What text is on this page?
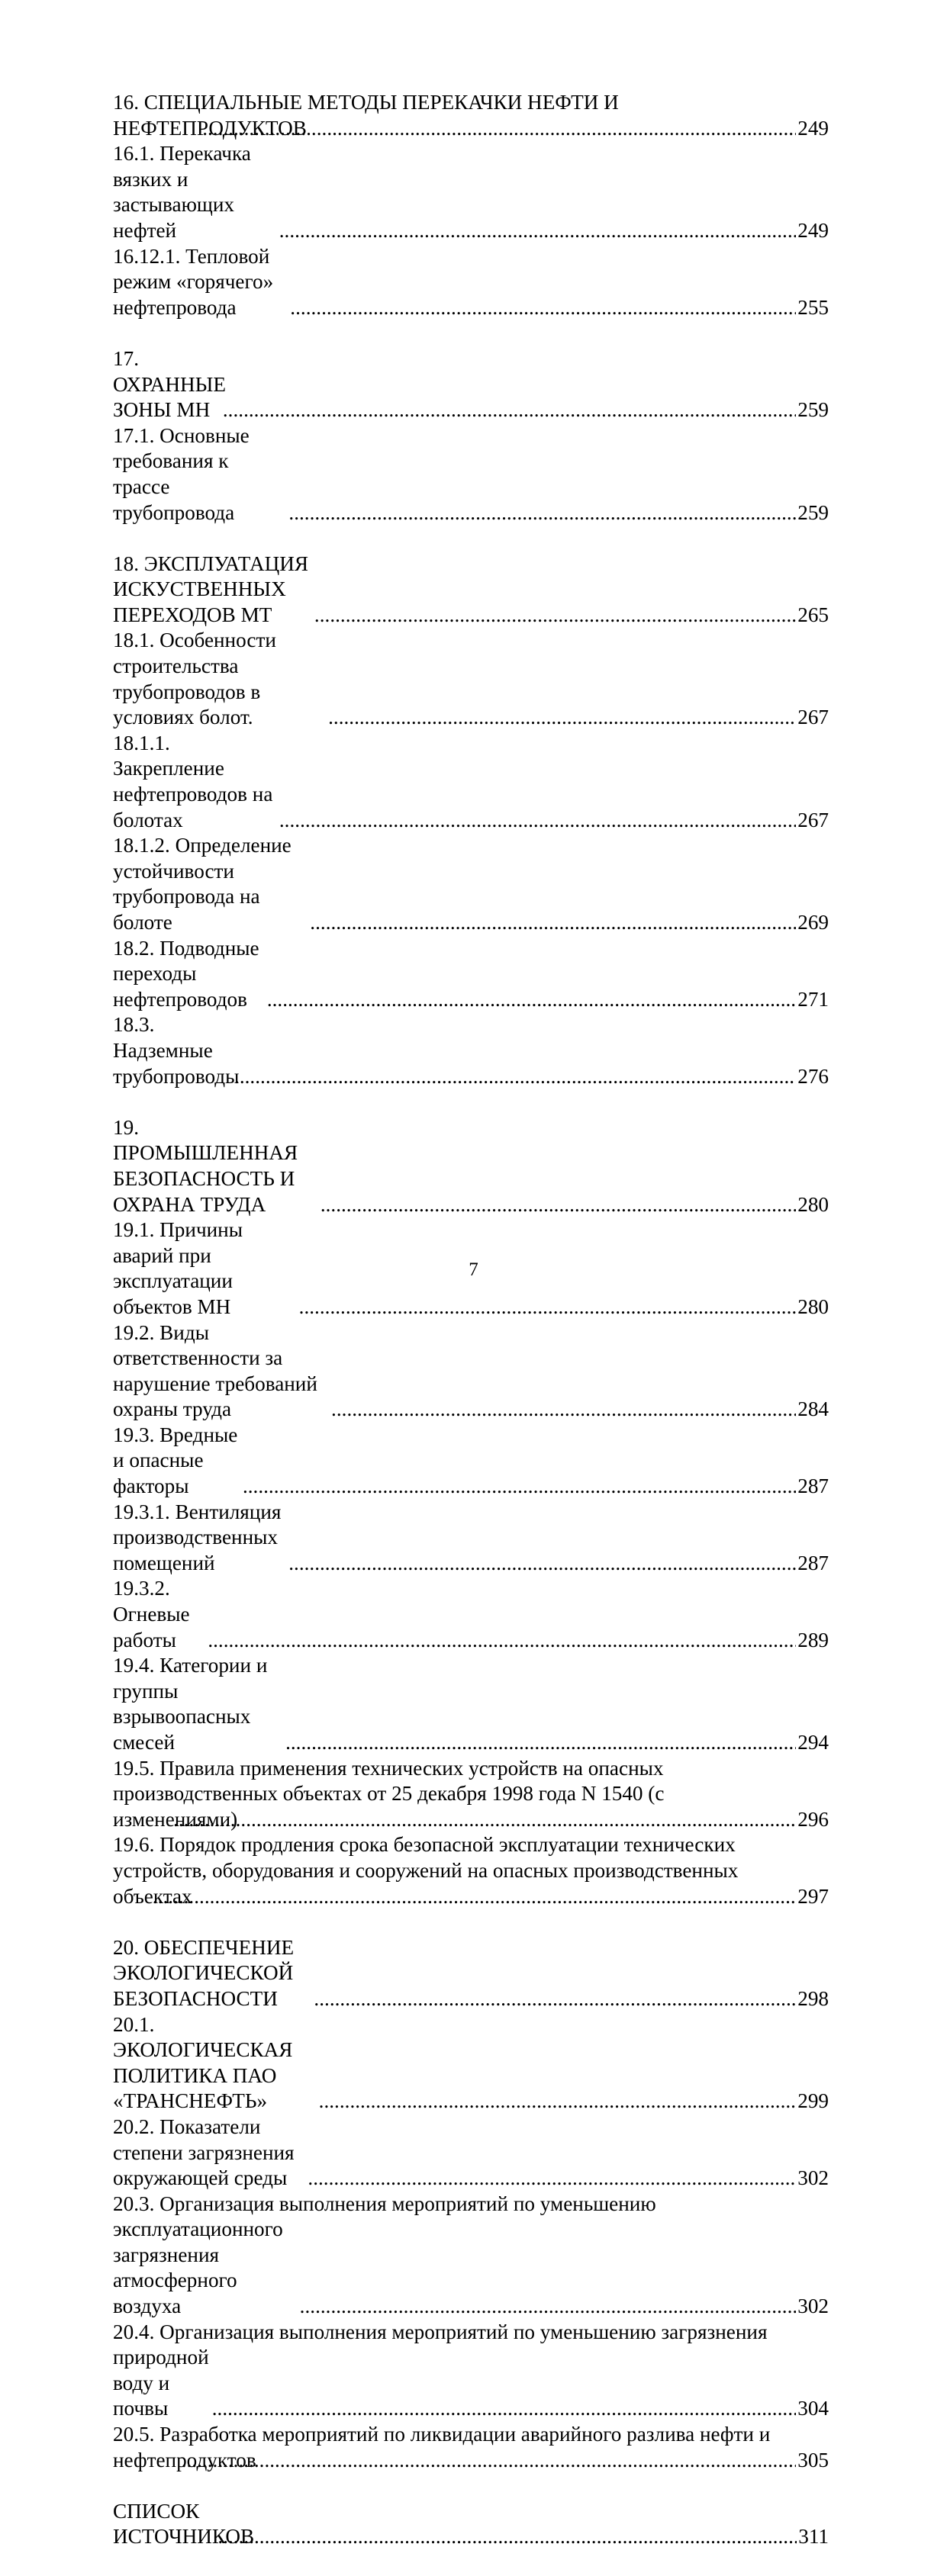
16. СПЕЦИАЛЬНЫЕ МЕТОДЫ ПЕРЕКАЧКИ НЕФТИ И
НЕФТЕПРОДУКТОВ .....	249
16.1. Перекачка вязких и застывающих нефтей .....	249
16.12.1. Тепловой режим «горячего» нефтепровода .....	255
17. ОХРАННЫЕ ЗОНЫ МН .....	259
17.1. Основные требования к трассе трубопровода .....	259
18. ЭКСПЛУАТАЦИЯ ИСКУСТВЕННЫХ ПЕРЕХОДОВ МТ .....	265
18.1. Особенности строительства трубопроводов в условиях болот. .....	267
18.1.1. Закрепление нефтепроводов на болотах .....	267
18.1.2. Определение устойчивости трубопровода на болоте .....	269
18.2. Подводные переходы нефтепроводов .....	271
18.3. Надземные трубопроводы .....	276
19. ПРОМЫШЛЕННАЯ БЕЗОПАСНОСТЬ И ОХРАНА ТРУДА .....	280
19.1. Причины аварий при эксплуатации объектов МН .....	280
19.2. Виды ответственности за нарушение требований охраны труда .....	284
19.3. Вредные и опасные факторы .....	287
19.3.1. Вентиляция производственных помещений .....	287
19.3.2. Огневые работы .....	289
19.4. Категории и группы взрывоопасных смесей .....	294
19.5. Правила применения технических устройств на опасных
производственных объектах от 25 декабря 1998 года N 1540 (с
изменениями) .....	296
19.6. Порядок продления срока безопасной эксплуатации технических
устройств, оборудования и сооружений на опасных производственных
объектах .....	297
20. ОБЕСПЕЧЕНИЕ ЭКОЛОГИЧЕСКОЙ БЕЗОПАСНОСТИ .....	298
20.1. ЭКОЛОГИЧЕСКАЯ ПОЛИТИКА ПАО «ТРАНСНЕФТЬ» .....	299
20.2. Показатели степени загрязнения окружающей среды .....	302
20.3. Организация выполнения мероприятий по уменьшению
эксплуатационного загрязнения атмосферного воздуха .....	302
20.4. Организация выполнения мероприятий по уменьшению загрязнения
природной воду и почвы .....	304
20.5. Разработка мероприятий по ликвидации аварийного разлива нефти и
нефтепродуктов .....	305
СПИСОК ИСТОЧНИКОВ .....	311
7
